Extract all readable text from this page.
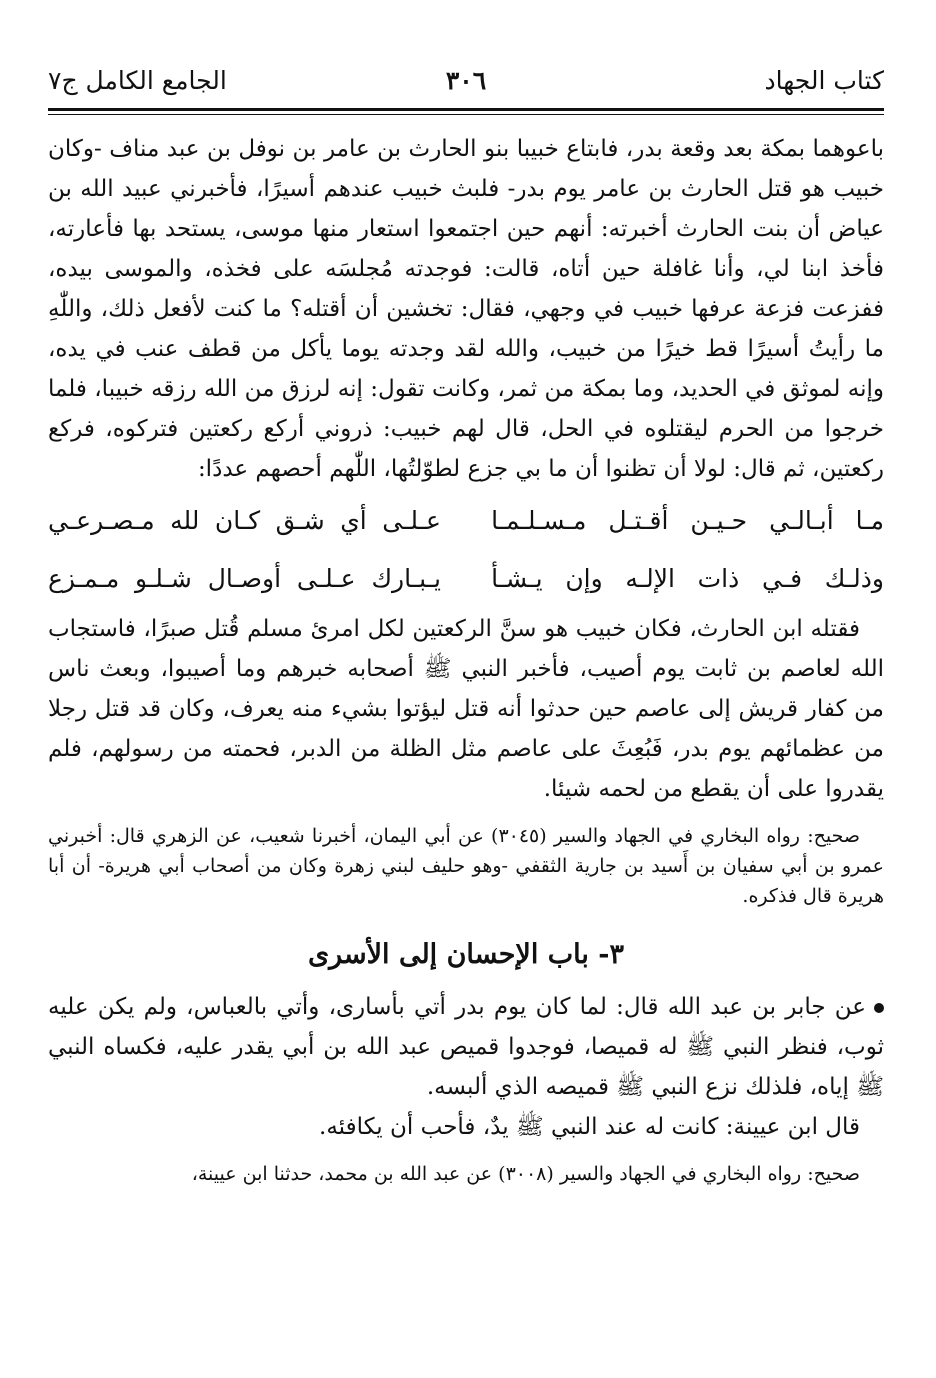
كتاب الجهاد
٣٠٦
الجامع الكامل ج٧

باعوهما بمكة بعد وقعة بدر، فابتاع خبيبا بنو الحارث بن عامر بن نوفل بن عبد مناف -وكان خبيب هو قتل الحارث بن عامر يوم بدر- فلبث خبيب عندهم أسيرًا، فأخبرني عبيد الله بن عياض أن بنت الحارث أخبرته: أنهم حين اجتمعوا استعار منها موسى، يستحد بها فأعارته، فأخذ ابنا لي، وأنا غافلة حين أتاه، قالت: فوجدته مُجلسَه على فخذه، والموسى بيده، ففزعت فزعة عرفها خبيب في وجهي، فقال: تخشين أن أقتله؟ ما كنت لأفعل ذلك، واللّٰهِ ما رأيتُ أسيرًا قط خيرًا من خبيب، والله لقد وجدته يوما يأكل من قطف عنب في يده، وإنه لموثق في الحديد، وما بمكة من ثمر، وكانت تقول: إنه لرزق من الله رزقه خبيبا، فلما خرجوا من الحرم ليقتلوه في الحل، قال لهم خبيب: ذروني أركع ركعتين فتركوه، فركع ركعتين، ثم قال: لولا أن تظنوا أن ما بي جزع لطوّلتُها، اللّٰهم أحصهم عددًا:

مـا أبـالـي حـيـن أقـتـل مـسـلـمـا
عـلـى أي شـق كـان لله مـصـرعـي
وذلـك فـي ذات الإلـه وإن يـشـأ
يـبـارك عـلـى أوصـال شـلـو مـمـزع

فقتله ابن الحارث، فكان خبيب هو سنَّ الركعتين لكل امرئ مسلم قُتل صبرًا، فاستجاب الله لعاصم بن ثابت يوم أصيب، فأخبر النبي ﷺ أصحابه خبرهم وما أصيبوا، وبعث ناس من كفار قريش إلى عاصم حين حدثوا أنه قتل ليؤتوا بشيء منه يعرف، وكان قد قتل رجلا من عظمائهم يوم بدر، فَبُعِثَ على عاصم مثل الظلة من الدبر، فحمته من رسولهم، فلم يقدروا على أن يقطع من لحمه شيئا.

صحيح: رواه البخاري في الجهاد والسير (٣٠٤٥) عن أبي اليمان، أخبرنا شعيب، عن الزهري قال: أخبرني عمرو بن أبي سفيان بن أَسيد بن جارية الثقفي -وهو حليف لبني زهرة وكان من أصحاب أبي هريرة- أن أبا هريرة قال فذكره.

٣- باب الإحسان إلى الأسرى

عن جابر بن عبد الله قال: لما كان يوم بدر أتي بأسارى، وأتي بالعباس، ولم يكن عليه ثوب، فنظر النبي ﷺ له قميصا، فوجدوا قميص عبد الله بن أبي يقدر عليه، فكساه النبي ﷺ إياه، فلذلك نزع النبي ﷺ قميصه الذي ألبسه.

قال ابن عيينة: كانت له عند النبي ﷺ يدٌ، فأحب أن يكافئه.

صحيح: رواه البخاري في الجهاد والسير (٣٠٠٨) عن عبد الله بن محمد، حدثنا ابن عيينة،
